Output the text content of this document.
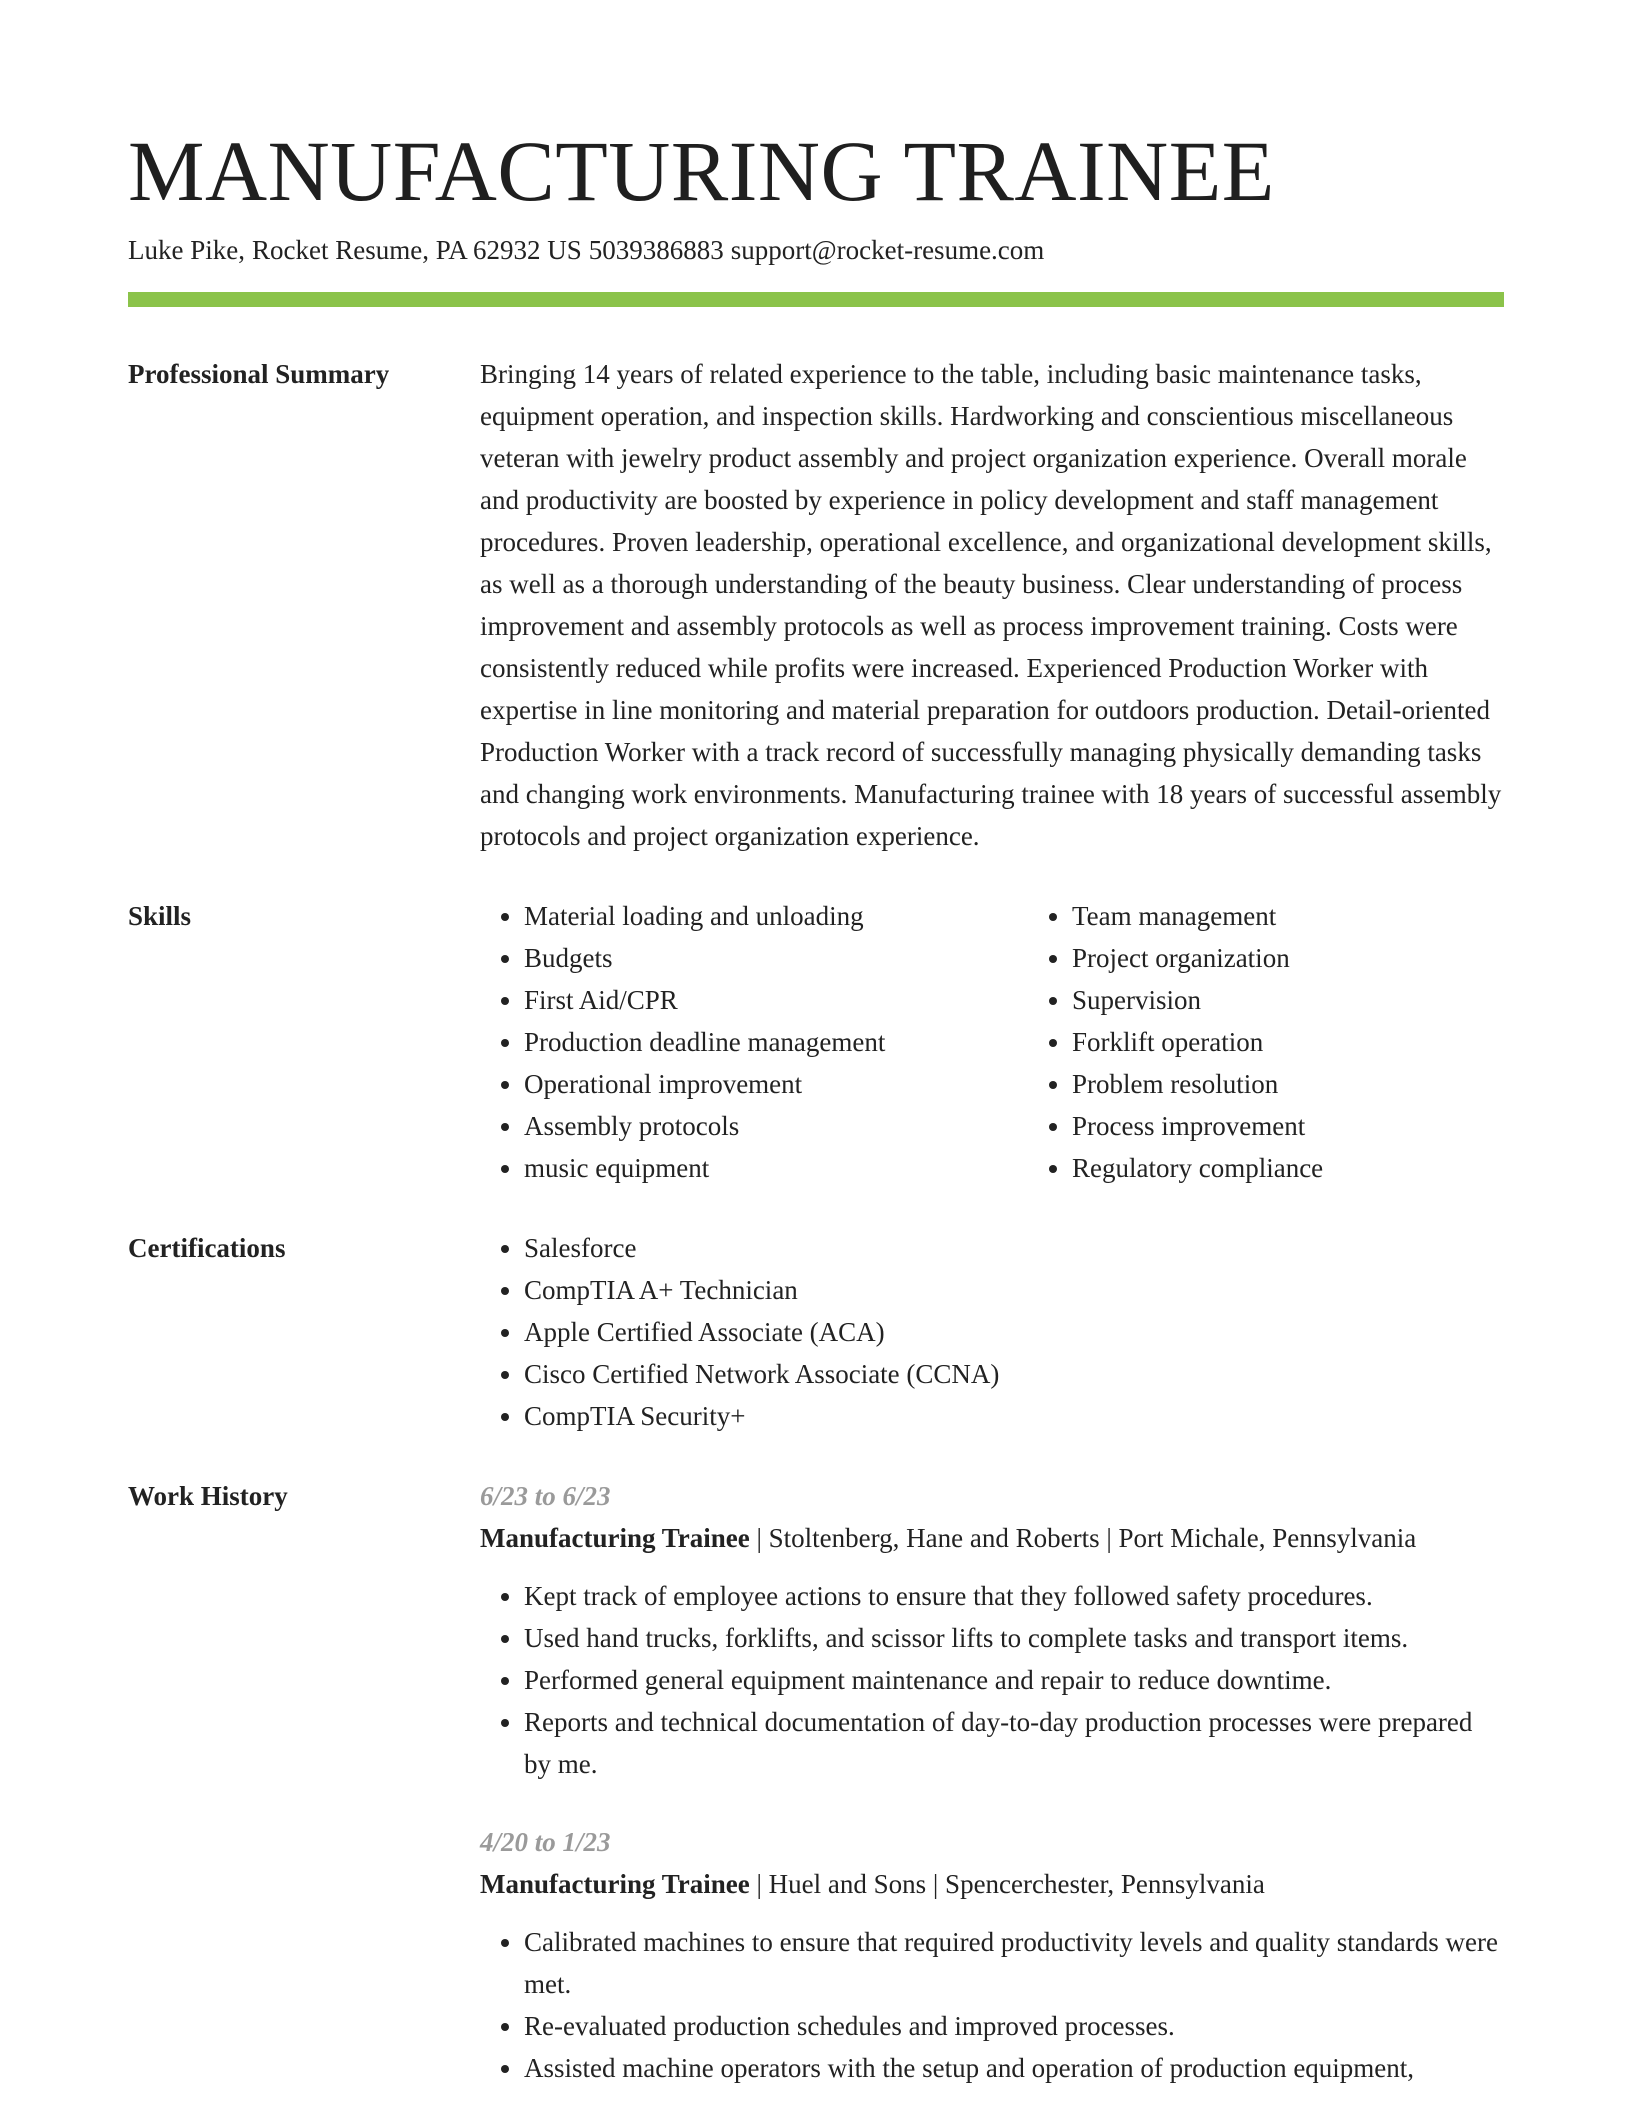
MANUFACTURING TRAINEE
Luke Pike, Rocket Resume, PA 62932 US 5039386883 support@rocket-resume.com
Professional Summary	Bringing 14 years of related experience to the table, including basic maintenance tasks, equipment operation, and inspection skills. Hardworking and conscientious miscellaneous veteran with jewelry product assembly and project organization experience. Overall morale and productivity are boosted by experience in policy development and staff management procedures. Proven leadership, operational excellence, and organizational development skills, as well as a thorough understanding of the beauty business. Clear understanding of process improvement and assembly protocols as well as process improvement training. Costs were consistently reduced while profits were increased. Experienced Production Worker with expertise in line monitoring and material preparation for outdoors production. Detail-oriented Production Worker with a track record of successfully managing physically demanding tasks and changing work environments. Manufacturing trainee with 18 years of successful assembly protocols and project organization experience.

Skills	• Material loading and unloading
• Budgets
• First Aid/CPR
• Production deadline management
• Operational improvement
• Assembly protocols
• music equipment
• Team management
• Project organization
• Supervision
• Forklift operation
• Problem resolution
• Process improvement
• Regulatory compliance
Certifications	• Salesforce
• CompTIA A+ Technician
• Apple Certified Associate (ACA)
• Cisco Certified Network Associate (CCNA)
• CompTIA Security+
Work History	6/23 to 6/23
Manufacturing Trainee | Stoltenberg, Hane and Roberts | Port Michale, Pennsylvania
• Kept track of employee actions to ensure that they followed safety procedures.
• Used hand trucks, forklifts, and scissor lifts to complete tasks and transport items.
• Performed general equipment maintenance and repair to reduce downtime.
• Reports and technical documentation of day-to-day production processes were prepared by me.
4/20 to 1/23
Manufacturing Trainee | Huel and Sons | Spencerchester, Pennsylvania
• Calibrated machines to ensure that required productivity levels and quality standards were met.
• Re-evaluated production schedules and improved processes.
• Assisted machine operators with the setup and operation of production equipment,
